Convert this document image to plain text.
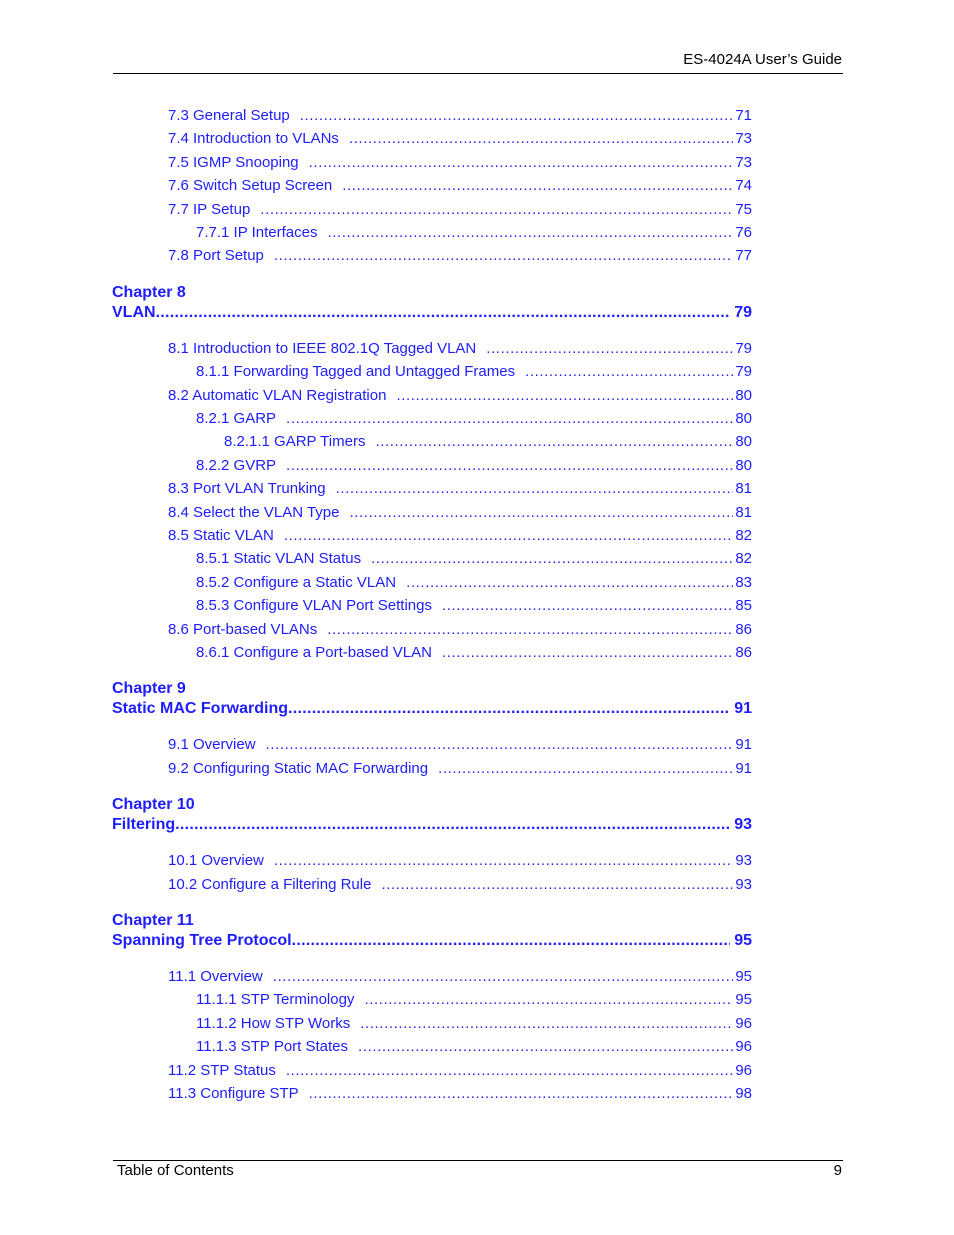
ES-4024A User’s Guide
7.3 General Setup .....	71
7.4 Introduction to VLANs .....	73
7.5 IGMP Snooping .....	73
7.6 Switch Setup Screen .....	74
7.7 IP Setup .....	75
7.7.1 IP Interfaces .....	76
7.8 Port Setup .....	77
Chapter 8
VLAN .....	79
8.1 Introduction to IEEE 802.1Q Tagged VLAN .....	79
8.1.1 Forwarding Tagged and Untagged Frames .....	79
8.2 Automatic VLAN Registration .....	80
8.2.1 GARP .....	80
8.2.1.1 GARP Timers .....	80
8.2.2 GVRP .....	80
8.3 Port VLAN Trunking .....	81
8.4 Select the VLAN Type .....	81
8.5 Static VLAN .....	82
8.5.1 Static VLAN Status .....	82
8.5.2 Configure a Static VLAN .....	83
8.5.3 Configure VLAN Port Settings .....	85
8.6 Port-based VLANs .....	86
8.6.1 Configure a Port-based VLAN .....	86
Chapter 9
Static MAC Forwarding .....	91
9.1 Overview .....	91
9.2 Configuring Static MAC Forwarding .....	91
Chapter 10
Filtering .....	93
10.1 Overview .....	93
10.2 Configure a Filtering Rule .....	93
Chapter 11
Spanning Tree Protocol .....	95
11.1 Overview .....	95
11.1.1 STP Terminology .....	95
11.1.2 How STP Works .....	96
11.1.3 STP Port States .....	96
11.2 STP Status .....	96
11.3 Configure STP .....	98
Table of Contents	9
